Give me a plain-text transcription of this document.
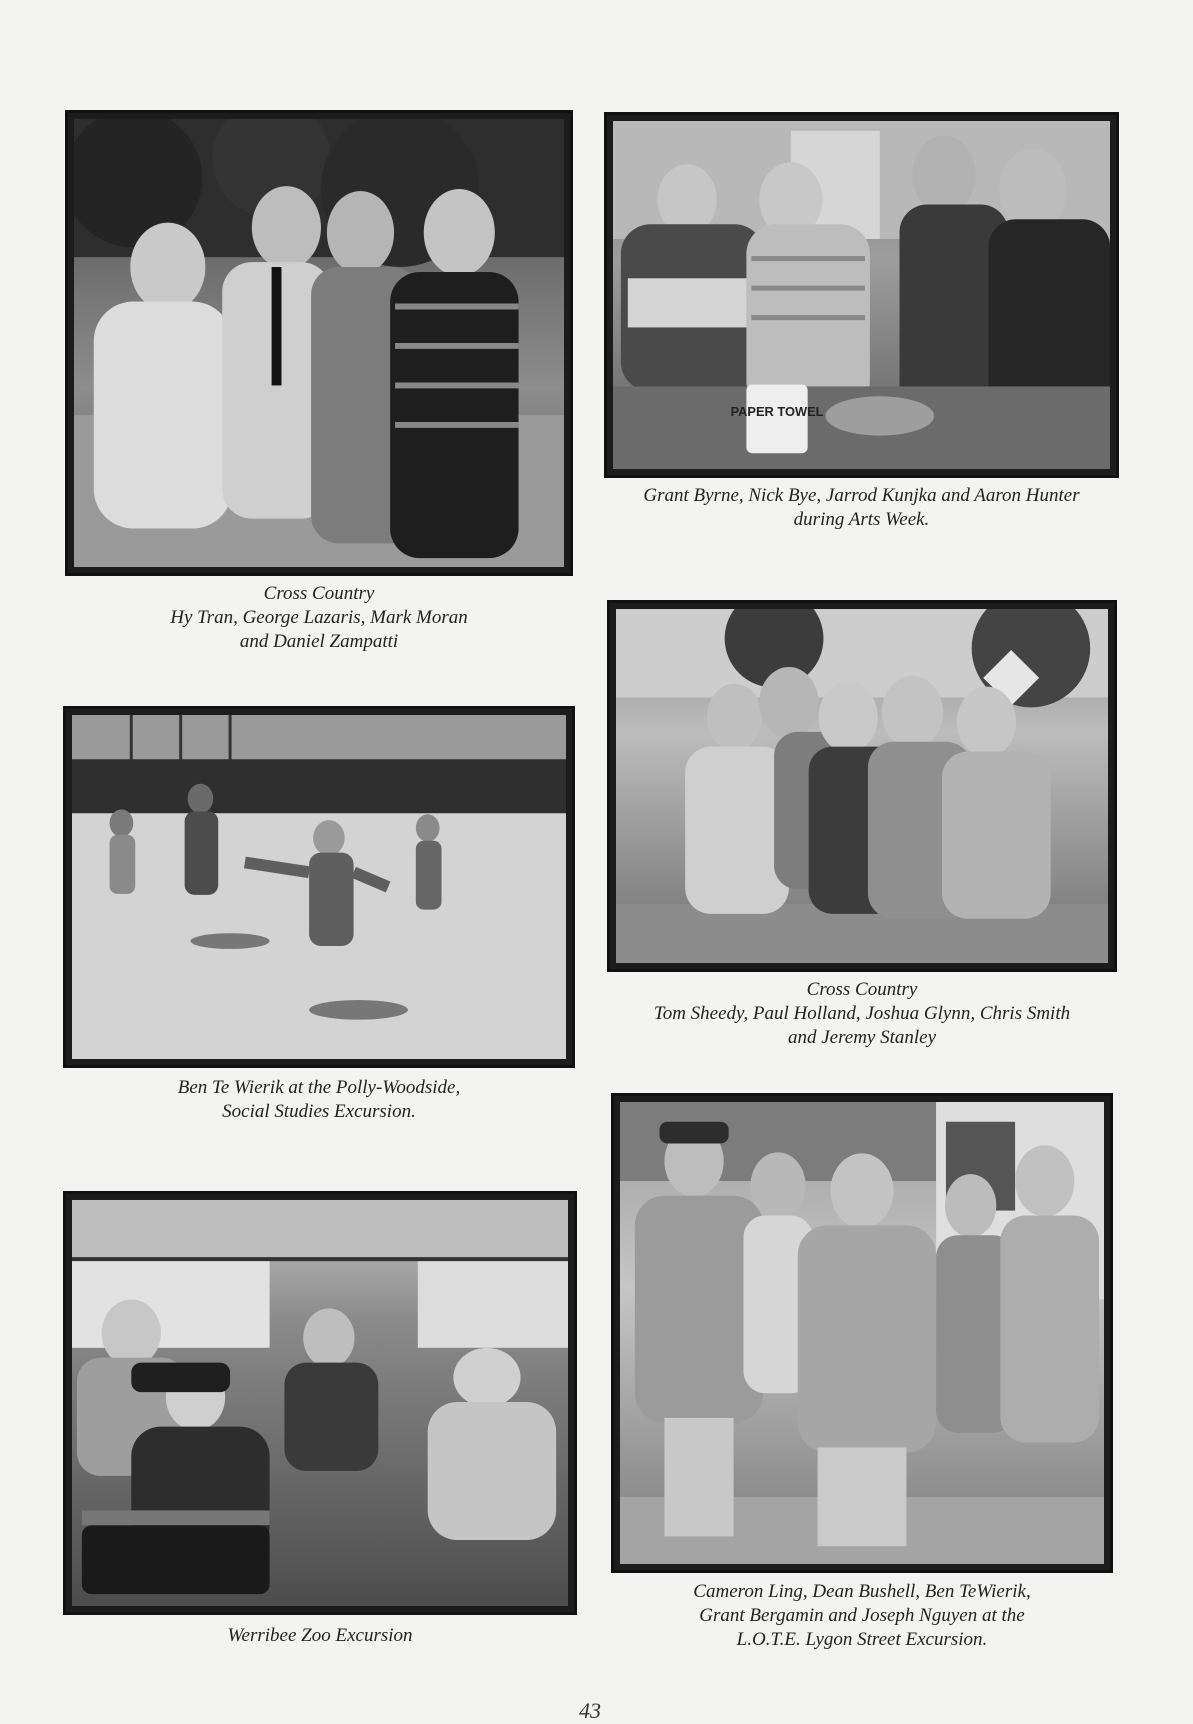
Cross Country
Hy Tran, George Lazaris, Mark Moran
and Daniel Zampatti
PAPER TOWEL
Grant Byrne, Nick Bye, Jarrod Kunjka and Aaron Hunter
during Arts Week.
Cross Country
Tom Sheedy, Paul Holland, Joshua Glynn, Chris Smith
and Jeremy Stanley
Ben Te Wierik at the Polly-Woodside,
Social Studies Excursion.
Werribee Zoo Excursion
Cameron Ling, Dean Bushell, Ben TeWierik,
Grant Bergamin and Joseph Nguyen at the
L.O.T.E. Lygon Street Excursion.
43
